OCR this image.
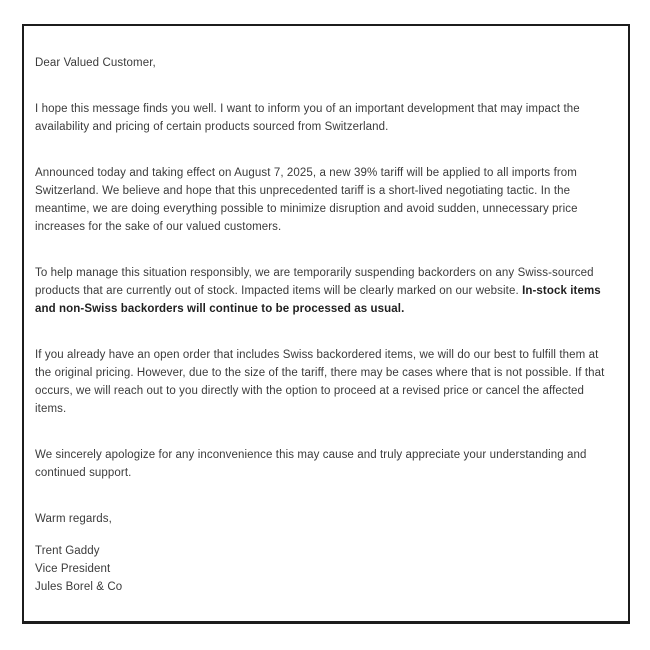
Dear Valued Customer,

I hope this message finds you well. I want to inform you of an important development that may impact the availability and pricing of certain products sourced from Switzerland.

Announced today and taking effect on August 7, 2025, a new 39% tariff will be applied to all imports from Switzerland. We believe and hope that this unprecedented tariff is a short-lived negotiating tactic. In the meantime, we are doing everything possible to minimize disruption and avoid sudden, unnecessary price increases for the sake of our valued customers.

To help manage this situation responsibly, we are temporarily suspending backorders on any Swiss-sourced products that are currently out of stock. Impacted items will be clearly marked on our website. In-stock items and non-Swiss backorders will continue to be processed as usual.

If you already have an open order that includes Swiss backordered items, we will do our best to fulfill them at the original pricing. However, due to the size of the tariff, there may be cases where that is not possible. If that occurs, we will reach out to you directly with the option to proceed at a revised price or cancel the affected items.

We sincerely apologize for any inconvenience this may cause and truly appreciate your understanding and continued support.

Warm regards,

Trent Gaddy

Vice President

Jules Borel & Co
